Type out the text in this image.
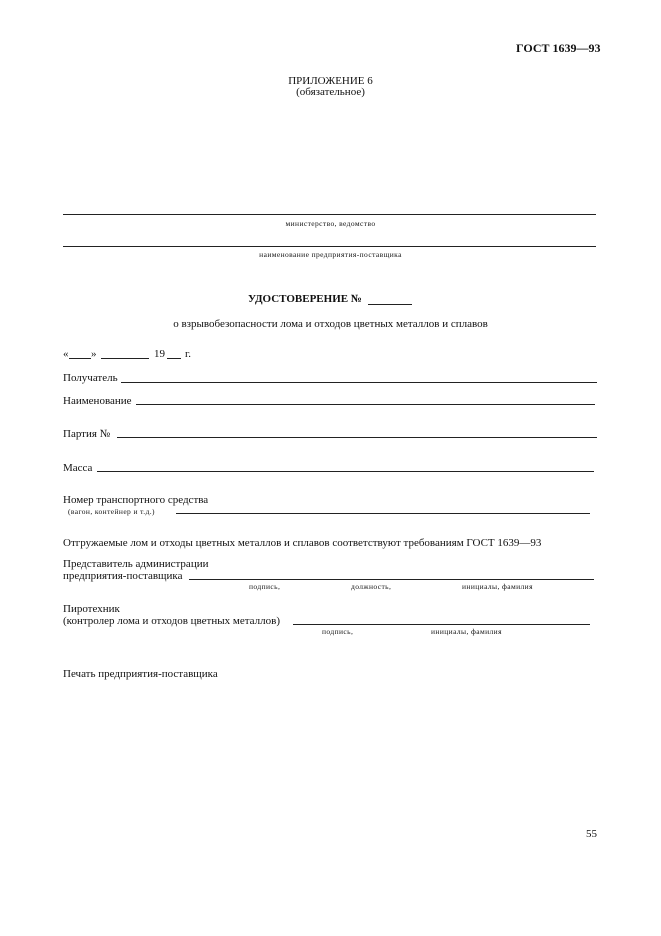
ГОСТ 1639—93
ПРИЛОЖЕНИЕ 6
(обязательное)
министерство, ведомство
наименование предприятия-поставщика
УДОСТОВЕРЕНИЕ №
о взрывобезопасности лома и отходов цветных металлов и сплавов
« »	19 г.
Получатель
Наименование
Партия №
Масса
Номер транспортного средства
(вагон, контейнер и т.д.)
Отгружаемые лом и отходы цветных металлов и сплавов соответствуют требованиям ГОСТ 1639—93
Представитель администрации
предприятия-поставщика
подпись,	должность,	инициалы, фамилия
Пиротехник
(контролер лома и отходов цветных металлов)
подпись,	инициалы, фамилия
Печать предприятия-поставщика
55
